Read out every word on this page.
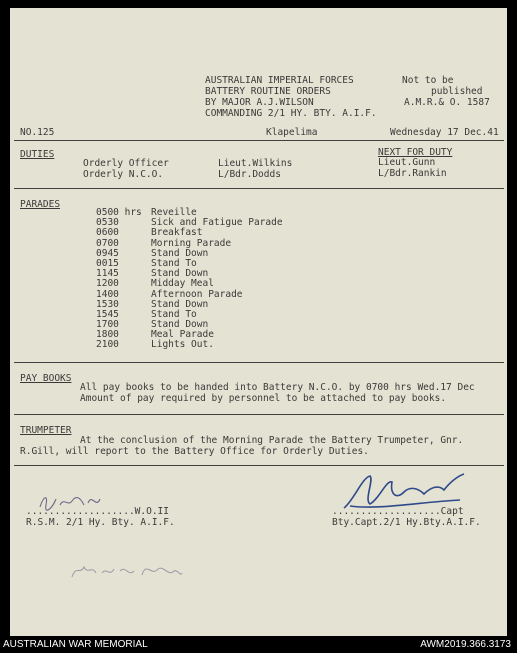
AUSTRALIAN IMPERIAL FORCES
BATTERY ROUTINE ORDERS
BY MAJOR A.J.WILSON
COMMANDING 2/1 HY. BTY. A.I.F.
Not to be
published
A.M.R.& O. 1587
NO.125	Klapelima	Wednesday 17 Dec.41
DUTIES	NEXT FOR DUTY
Orderly Officer	Lieut.Wilkins	Lieut.Gunn
Orderly N.C.O.	L/Bdr.Dodds	L/Bdr.Rankin
PARADES
0500 hrs Reveille
0530	Sick and Fatigue Parade
0600	Breakfast
0700	Morning Parade
0945	Stand Down
0015	Stand To
1145	Stand Down
1200	Midday Meal
1400	Afternoon Parade
1530	Stand Down
1545	Stand To
1700	Stand Down
1800	Meal Parade
2100	Lights Out.
PAY BOOKS
All pay books to be handed into Battery N.C.O. by 0700 hrs Wed.17 Dec
Amount of pay required by personnel to be attached to pay books.
TRUMPETER
At the conclusion of the Morning Parade the Battery Trumpeter, Gnr.
R.Gill, will report to the Battery Office for Orderly Duties.
...................W.O.II
R.S.M. 2/1 Hy. Bty. A.I.F.
...................Capt
Bty.Capt.2/1 Hy.Bty.A.I.F.
AUSTRALIAN WAR MEMORIAL	AWM2019.366.3173
